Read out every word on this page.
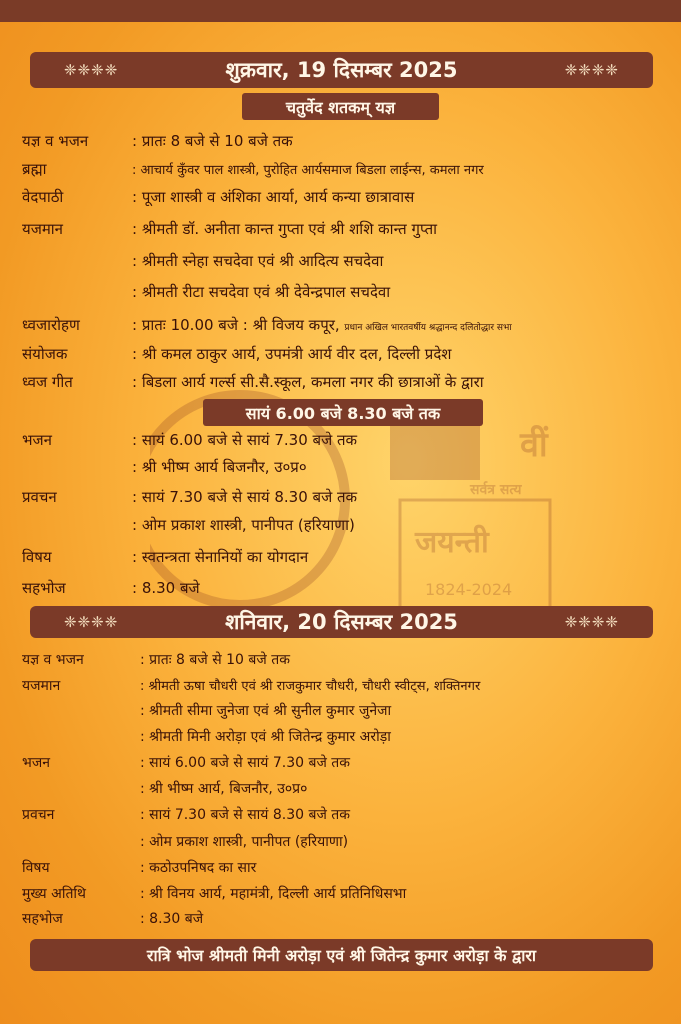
वीं
सर्वत्र सत्य
जयन्ती
1824-2024
❈❈❈❈	शुक्रवार, 19 दिसम्बर 2025	❈❈❈❈
चतुर्वेद शतकम् यज्ञ
यज्ञ व भजन	: प्रातः 8 बजे से 10 बजे तक
ब्रह्मा	: आचार्य कुँवर पाल शास्त्री, पुरोहित आर्यसमाज बिडला लाईन्स, कमला नगर
वेदपाठी	: पूजा शास्त्री व अंशिका आर्या, आर्य कन्या छात्रावास
यजमान	: श्रीमती डॉ. अनीता कान्त गुप्ता एवं श्री शशि कान्त गुप्ता
: श्रीमती स्नेहा सचदेवा एवं श्री आदित्य सचदेवा
: श्रीमती रीटा सचदेवा एवं श्री देवेन्द्रपाल सचदेवा
ध्वजारोहण	: प्रातः 10.00 बजे : श्री विजय कपूर, प्रधान अखिल भारतवर्षीय श्रद्धानन्द दलितोद्धार सभा
संयोजक	: श्री कमल ठाकुर आर्य, उपमंत्री आर्य वीर दल, दिल्ली प्रदेश
ध्वज गीत	: बिडला आर्य गर्ल्स सी.सै.स्कूल, कमला नगर की छात्राओं के द्वारा
सायं 6.00 बजे 8.30 बजे तक
भजन	: सायं 6.00 बजे से सायं 7.30 बजे तक
: श्री भीष्म आर्य बिजनौर, उ०प्र०
प्रवचन	: सायं 7.30 बजे से सायं 8.30 बजे तक
: ओम प्रकाश शास्त्री, पानीपत (हरियाणा)
विषय	: स्वतन्त्रता सेनानियों का योगदान
सहभोज	: 8.30 बजे
❈❈❈❈	शनिवार, 20 दिसम्बर 2025	❈❈❈❈
यज्ञ व भजन	: प्रातः 8 बजे से 10 बजे तक
यजमान	: श्रीमती ऊषा चौधरी एवं श्री राजकुमार चौधरी, चौधरी स्वीट्स, शक्तिनगर
: श्रीमती सीमा जुनेजा एवं श्री सुनील कुमार जुनेजा
: श्रीमती मिनी अरोड़ा एवं श्री जितेन्द्र कुमार अरोड़ा
भजन	: सायं 6.00 बजे से सायं 7.30 बजे तक
: श्री भीष्म आर्य, बिजनौर, उ०प्र०
प्रवचन	: सायं 7.30 बजे से सायं 8.30 बजे तक
: ओम प्रकाश शास्त्री, पानीपत (हरियाणा)
विषय	: कठोउपनिषद का सार
मुख्य अतिथि	: श्री विनय आर्य, महामंत्री, दिल्ली आर्य प्रतिनिधिसभा
सहभोज	: 8.30 बजे
रात्रि भोज श्रीमती मिनी अरोड़ा एवं श्री जितेन्द्र कुमार अरोड़ा के द्वारा
